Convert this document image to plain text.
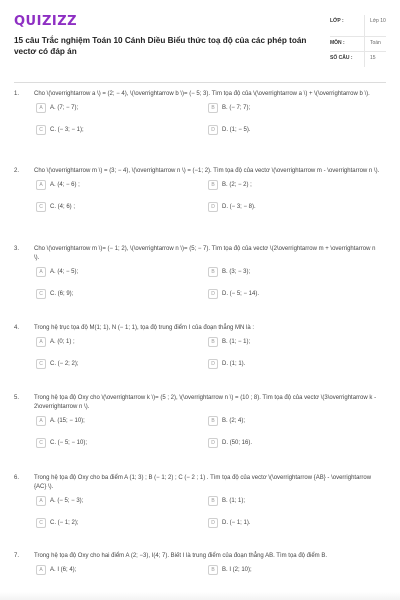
QUIZIZZ
15 câu Trắc nghiệm Toán 10 Cánh Diều Biểu thức toạ độ của các phép toán vectơ có đáp án
LỚP :	Lớp 10
MÔN :	Toán
SỐ CÂU :	15
1.	Cho \(\overrightarrow a \) = (2; − 4), \(\overrightarrow b \)= (− 5; 3). Tìm tọa độ của \(\overrightarrow a \) + \(\overrightarrow b \).
A	A. (7; − 7);	B	B. (− 7; 7);
C	C. (− 3; − 1);	D	D. (1; − 5).
2.	Cho \(\overrightarrow m \) = (3; − 4), \(\overrightarrow n \) = (−1; 2). Tìm tọa độ của vectơ \(\overrightarrow m - \overrightarrow n \).
A	A. (4; − 6) ;	B	B. (2; − 2) ;
C	C. (4; 6) ;	D	D. (− 3; − 8).
3.	Cho \(\overrightarrow m \)= (− 1; 2), \(\overrightarrow n \)= (5; − 7). Tìm tọa độ của vectơ \(2\overrightarrow m + \overrightarrow n \).
A	A. (4; − 5);	B	B. (3; − 3);
C	C. (6; 9);	D	D. (− 5; − 14).
4.	Trong hệ trục tọa độ M(1; 1), N (− 1; 1), tọa độ trung điểm I của đoạn thẳng MN là :
A	A. (0; 1) ;	B	B. (1; − 1);
C	C. (− 2; 2);	D	D. (1; 1).
5.	Trong hệ tọa độ Oxy cho \(\overrightarrow k \)= (5 ; 2), \(\overrightarrow n \) = (10 ; 8). Tìm tọa độ của vectơ \(3\overrightarrow k - 2\overrightarrow n \).
A	A. (15; − 10);	B	B. (2; 4);
C	C. (− 5; − 10);	D	D. (50; 16).
6.	Trong hệ tọa độ Oxy cho ba điểm A (1; 3) ; B (− 1; 2) ; C (− 2 ; 1) . Tìm tọa độ của vectơ \(\overrightarrow {AB} - \overrightarrow {AC} \).
A	A. (− 5; − 3);	B	B. (1; 1);
C	C. (− 1; 2);	D	D. (− 1; 1).
7.	Trong hệ tọa độ Oxy cho hai điểm A (2; −3), I(4; 7). Biết I là trung điểm của đoạn thẳng AB. Tìm tọa độ điểm B.
A	A. I (6; 4);	B	B. I (2; 10);
